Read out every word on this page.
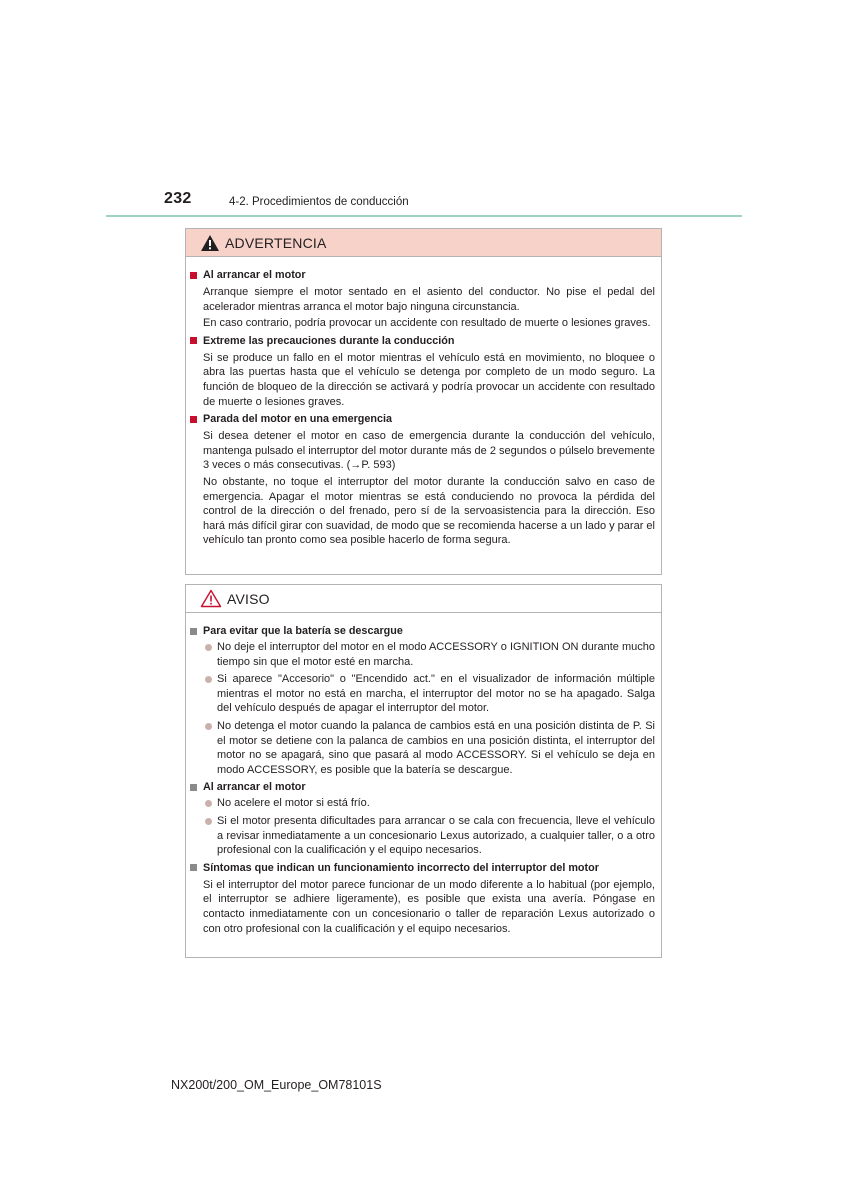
232	4-2. Procedimientos de conducción
ADVERTENCIA
Al arrancar el motor
Arranque siempre el motor sentado en el asiento del conductor. No pise el pedal del acelerador mientras arranca el motor bajo ninguna circunstancia.
En caso contrario, podría provocar un accidente con resultado de muerte o lesiones graves.
Extreme las precauciones durante la conducción
Si se produce un fallo en el motor mientras el vehículo está en movimiento, no bloquee o abra las puertas hasta que el vehículo se detenga por completo de un modo seguro. La función de bloqueo de la dirección se activará y podría provocar un accidente con resultado de muerte o lesiones graves.
Parada del motor en una emergencia
Si desea detener el motor en caso de emergencia durante la conducción del vehículo, mantenga pulsado el interruptor del motor durante más de 2 segundos o púlselo brevemente 3 veces o más consecutivas. (→P. 593)
No obstante, no toque el interruptor del motor durante la conducción salvo en caso de emergencia. Apagar el motor mientras se está conduciendo no provoca la pérdida del control de la dirección o del frenado, pero sí de la servoasistencia para la dirección. Eso hará más difícil girar con suavidad, de modo que se recomienda hacerse a un lado y parar el vehículo tan pronto como sea posible hacerlo de forma segura.
AVISO
Para evitar que la batería se descargue
No deje el interruptor del motor en el modo ACCESSORY o IGNITION ON durante mucho tiempo sin que el motor esté en marcha.
Si aparece "Accesorio" o "Encendido act." en el visualizador de información múltiple mientras el motor no está en marcha, el interruptor del motor no se ha apagado. Salga del vehículo después de apagar el interruptor del motor.
No detenga el motor cuando la palanca de cambios está en una posición distinta de P. Si el motor se detiene con la palanca de cambios en una posición distinta, el interruptor del motor no se apagará, sino que pasará al modo ACCESSORY. Si el vehículo se deja en modo ACCESSORY, es posible que la batería se descargue.
Al arrancar el motor
No acelere el motor si está frío.
Si el motor presenta dificultades para arrancar o se cala con frecuencia, lleve el vehículo a revisar inmediatamente a un concesionario Lexus autorizado, a cualquier taller, o a otro profesional con la cualificación y el equipo necesarios.
Síntomas que indican un funcionamiento incorrecto del interruptor del motor
Si el interruptor del motor parece funcionar de un modo diferente a lo habitual (por ejemplo, el interruptor se adhiere ligeramente), es posible que exista una avería. Póngase en contacto inmediatamente con un concesionario o taller de reparación Lexus autorizado o con otro profesional con la cualificación y el equipo necesarios.
NX200t/200_OM_Europe_OM78101S
